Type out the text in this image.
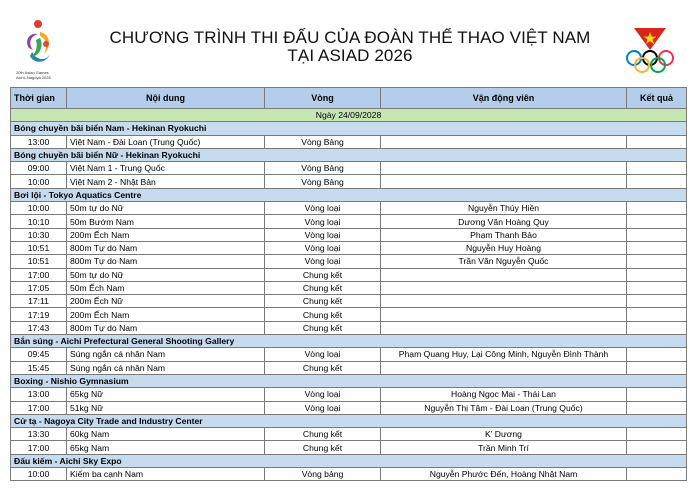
20th Asian Games
Aichi–Nagoya 2026
CHƯƠNG TRÌNH THI ĐẤU CỦA ĐOÀN THỂ THAO VIỆT NAM
TẠI ASIAD 2026
Thời gian	Nội dung	Vòng	Vận động viên	Kết quả
Ngày 24/09/2028				
Bóng chuyền bãi biển Nam - Hekinan Ryokuchi				
13:00	Việt Nam - Đài Loan (Trung Quốc)	Vòng Bảng		
Bóng chuyền bãi biển Nữ - Hekinan Ryokuchi				
09:00	Việt Nam 1 - Trung Quốc	Vòng Bảng		
10:00	Việt Nam 2 - Nhật Bản	Vòng Bảng		
Bơi lội - Tokyo Aquatics Centre				
10:00	50m tự do Nữ	Vòng loại	Nguyễn Thúy Hiền	
10:10	50m Bướm Nam	Vòng loại	Dương Văn Hoàng Quy	
10:30	200m Ếch Nam	Vòng loại	Phạm Thanh Bảo	
10:51	800m Tự do Nam	Vòng loại	Nguyễn Huy Hoàng	
10:51	800m Tự do Nam	Vòng loại	Trần Văn Nguyễn Quốc	
17:00	50m tự do Nữ	Chung kết		
17:05	50m Ếch Nam	Chung kết		
17:11	200m Ếch Nữ	Chung kết		
17:19	200m Ếch Nam	Chung kết		
17:43	800m Tự do Nam	Chung kết		
Bắn súng - Aichi Prefectural General Shooting Gallery				
09:45	Súng ngắn cá nhân Nam	Vòng loại	Phạm Quang Huy, Lại Công Minh, Nguyễn Đình Thành	
15:45	Súng ngắn cá nhân Nam	Chung kết		
Boxing - Nishio Gymnasium				
13:00	65kg Nữ	Vòng loại	Hoàng Ngọc Mai - Thái Lan	
17:00	51kg Nữ	Vòng loại	Nguyễn Thị Tâm - Đài Loan (Trung Quốc)	
Cử tạ - Nagoya City Trade and Industry Center				
13:30	60kg Nam	Chung kết	K' Dương	
17:00	65kg Nam	Chung kết	Trần Minh Trí	
Đấu kiếm - Aichi Sky Expo				
10:00	Kiếm ba cạnh Nam	Vòng bảng	Nguyễn Phước Đến, Hoàng Nhật Nam	
